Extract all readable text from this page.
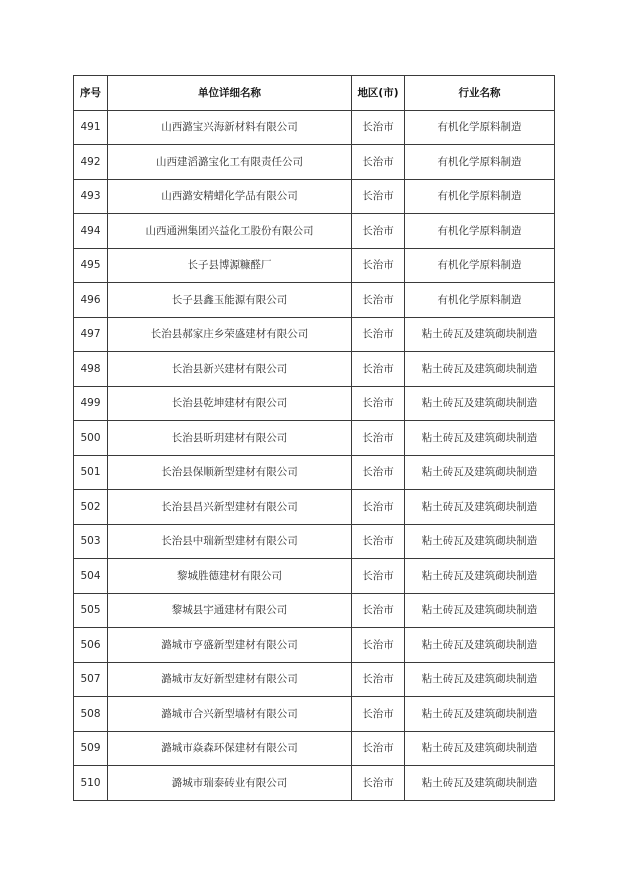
序号	单位详细名称	地区(市)	行业名称
491	山西潞宝兴海新材料有限公司	长治市	有机化学原料制造
492	山西建滔潞宝化工有限责任公司	长治市	有机化学原料制造
493	山西潞安精蜡化学品有限公司	长治市	有机化学原料制造
494	山西通洲集团兴益化工股份有限公司	长治市	有机化学原料制造
495	长子县博源糠醛厂	长治市	有机化学原料制造
496	长子县鑫玉能源有限公司	长治市	有机化学原料制造
497	长治县郝家庄乡荣盛建材有限公司	长治市	粘土砖瓦及建筑砌块制造
498	长治县新兴建材有限公司	长治市	粘土砖瓦及建筑砌块制造
499	长治县乾坤建材有限公司	长治市	粘土砖瓦及建筑砌块制造
500	长治县昕玥建材有限公司	长治市	粘土砖瓦及建筑砌块制造
501	长治县保顺新型建材有限公司	长治市	粘土砖瓦及建筑砌块制造
502	长治县昌兴新型建材有限公司	长治市	粘土砖瓦及建筑砌块制造
503	长治县中瑞新型建材有限公司	长治市	粘土砖瓦及建筑砌块制造
504	黎城胜德建材有限公司	长治市	粘土砖瓦及建筑砌块制造
505	黎城县宇通建材有限公司	长治市	粘土砖瓦及建筑砌块制造
506	潞城市亨盛新型建材有限公司	长治市	粘土砖瓦及建筑砌块制造
507	潞城市友好新型建材有限公司	长治市	粘土砖瓦及建筑砌块制造
508	潞城市合兴新型墙材有限公司	长治市	粘土砖瓦及建筑砌块制造
509	潞城市焱森环保建材有限公司	长治市	粘土砖瓦及建筑砌块制造
510	潞城市瑞泰砖业有限公司	长治市	粘土砖瓦及建筑砌块制造
